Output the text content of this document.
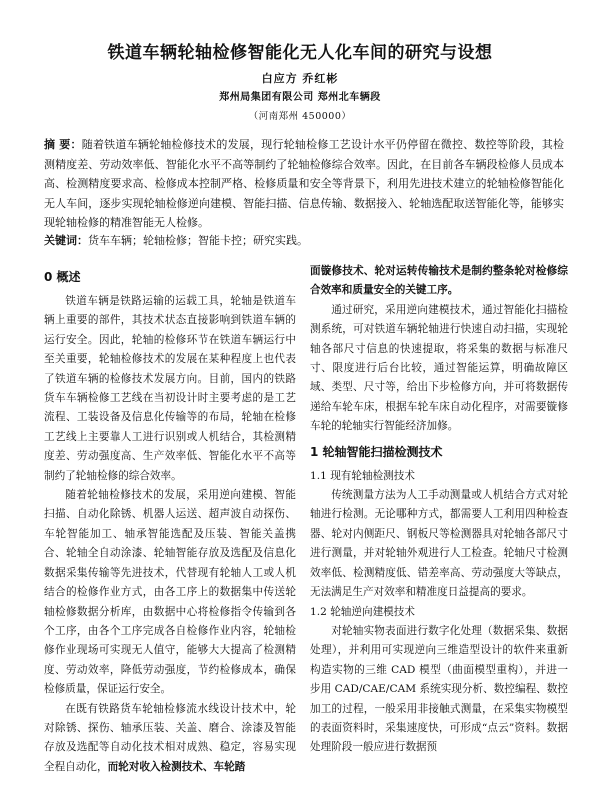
铁道车辆轮轴检修智能化无人化车间的研究与设想
白应方 乔红彬
郑州局集团有限公司 郑州北车辆段
（河南郑州 450000）
摘 要：随着铁道车辆轮轴检修技术的发展，现行轮轴检修工艺设计水平仍停留在微控、数控等阶段，其检测精度差、劳动效率低、智能化水平不高等制约了轮轴检修综合效率。因此，在目前各车辆段检修人员成本高、检测精度要求高、检修成本控制严格、检修质量和安全等背景下，利用先进技术建立的轮轴检修智能化无人车间，逐步实现轮轴检修逆向建模、智能扫描、信息传输、数据接入、轮轴选配取送智能化等，能够实现轮轴检修的精准智能无人检修。
关键词：货车车辆；轮轴检修；智能卡控；研究实践。
0 概述

铁道车辆是铁路运输的运载工具，轮轴是铁道车辆上重要的部件，其技术状态直接影响到铁道车辆的运行安全。因此，轮轴的检修环节在铁道车辆运行中至关重要，轮轴检修技术的发展在某种程度上也代表了铁道车辆的检修技术发展方向。目前，国内的铁路货车车辆检修工艺线在当初设计时主要考虑的是工艺流程、工装设备及信息化传输等的布局，轮轴在检修工艺线上主要靠人工进行识别或人机结合，其检测精度差、劳动强度高、生产效率低、智能化水平不高等制约了轮轴检修的综合效率。

随着轮轴检修技术的发展，采用逆向建模、智能扫描、自动化除锈、机器人运送、超声波自动探伤、车轮智能加工、轴承智能选配及压装、智能关盖携合、轮轴全自动涂漆、轮轴智能存放及选配及信息化数据采集传输等先进技术，代替现有轮轴人工或人机结合的检修作业方式，由各工序上的数据集中传送轮轴检修数据分析库，由数据中心将检修指令传输到各个工序，由各个工序完成各自检修作业内容，轮轴检修作业现场可实现无人值守，能够大大提高了检测精度、劳动效率，降低劳动强度，节约检修成本，确保检修质量，保证运行安全。

在既有铁路货车轮轴检修流水线设计技术中，轮对除锈、探伤、轴承压装、关盖、磨合、涂漆及智能存放及选配等自动化技术相对成熟、稳定，容易实现全程自动化，而轮对收入检测技术、车轮踏

面镟修技术、轮对运转传输技术是制约整条轮对检修综合效率和质量安全的关键工序。

通过研究，采用逆向建模技术，通过智能化扫描检测系统，可对铁道车辆轮轴进行快速自动扫描，实现轮轴各部尺寸信息的快速提取，将采集的数据与标准尺寸、限度进行后台比较，通过智能运算，明确故障区域、类型、尺寸等，给出下步检修方向，并可将数据传递给车轮车床，根据车轮车床自动化程序，对需要镟修车轮的轮轴实行智能经济加修。

1 轮轴智能扫描检测技术
1.1 现有轮轴检测技术

传统测量方法为人工手动测量或人机结合方式对轮轴进行检测。无论哪种方式，都需要人工利用四种检查器、轮对内侧距尺、钢板尺等检测器具对轮轴各部尺寸进行测量，并对轮轴外观进行人工检查。轮轴尺寸检测效率低、检测精度低、错差率高、劳动强度大等缺点，无法满足生产对效率和精准度日益提高的要求。

1.2 轮轴逆向建模技术

对轮轴实物表面进行数字化处理（数据采集、数据处理），并利用可实现逆向三维造型设计的软件来重新构造实物的三维 CAD 模型（曲面模型重构），并进一步用 CAD/CAE/CAM 系统实现分析、数控编程、数控加工的过程，一般采用非接触式测量，在采集实物模型的表面资料时，采集速度快，可形成“点云”资料。数据处理阶段一般应进行数据预
